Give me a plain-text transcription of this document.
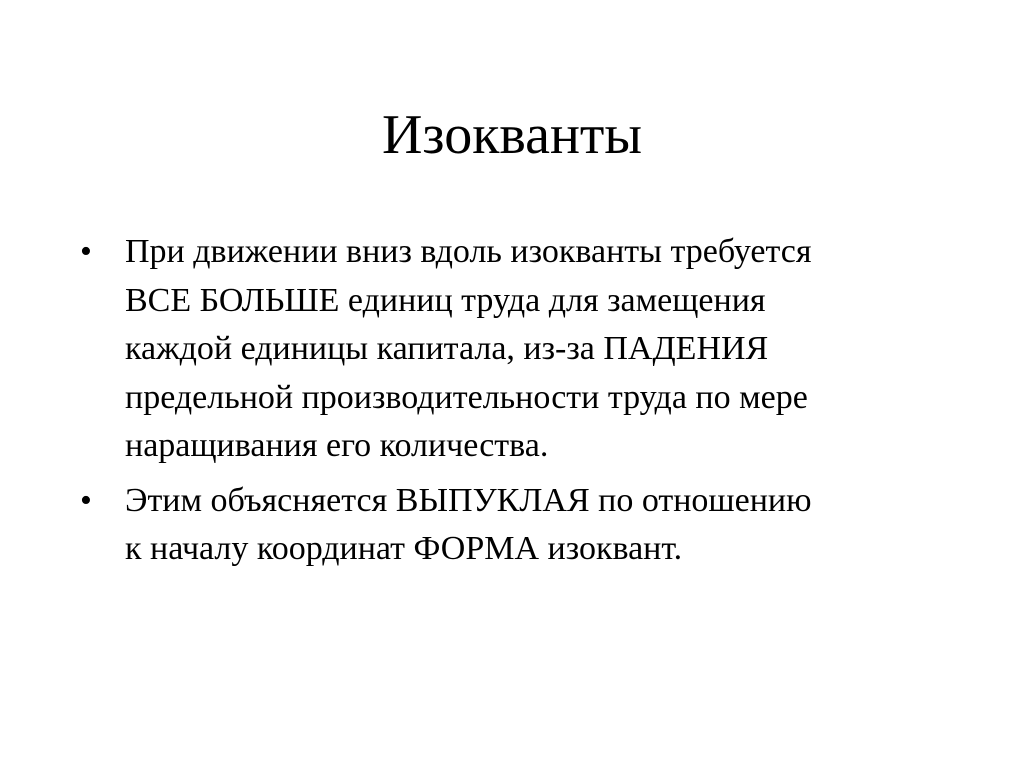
Изокванты
• При движении вниз вдоль изокванты требуется
ВСЕ БОЛЬШЕ единиц труда для замещения
каждой единицы капитала, из-за ПАДЕНИЯ
предельной производительности труда по мере
наращивания его количества.
• Этим объясняется ВЫПУКЛАЯ по отношению
к началу координат ФОРМА изоквант.
